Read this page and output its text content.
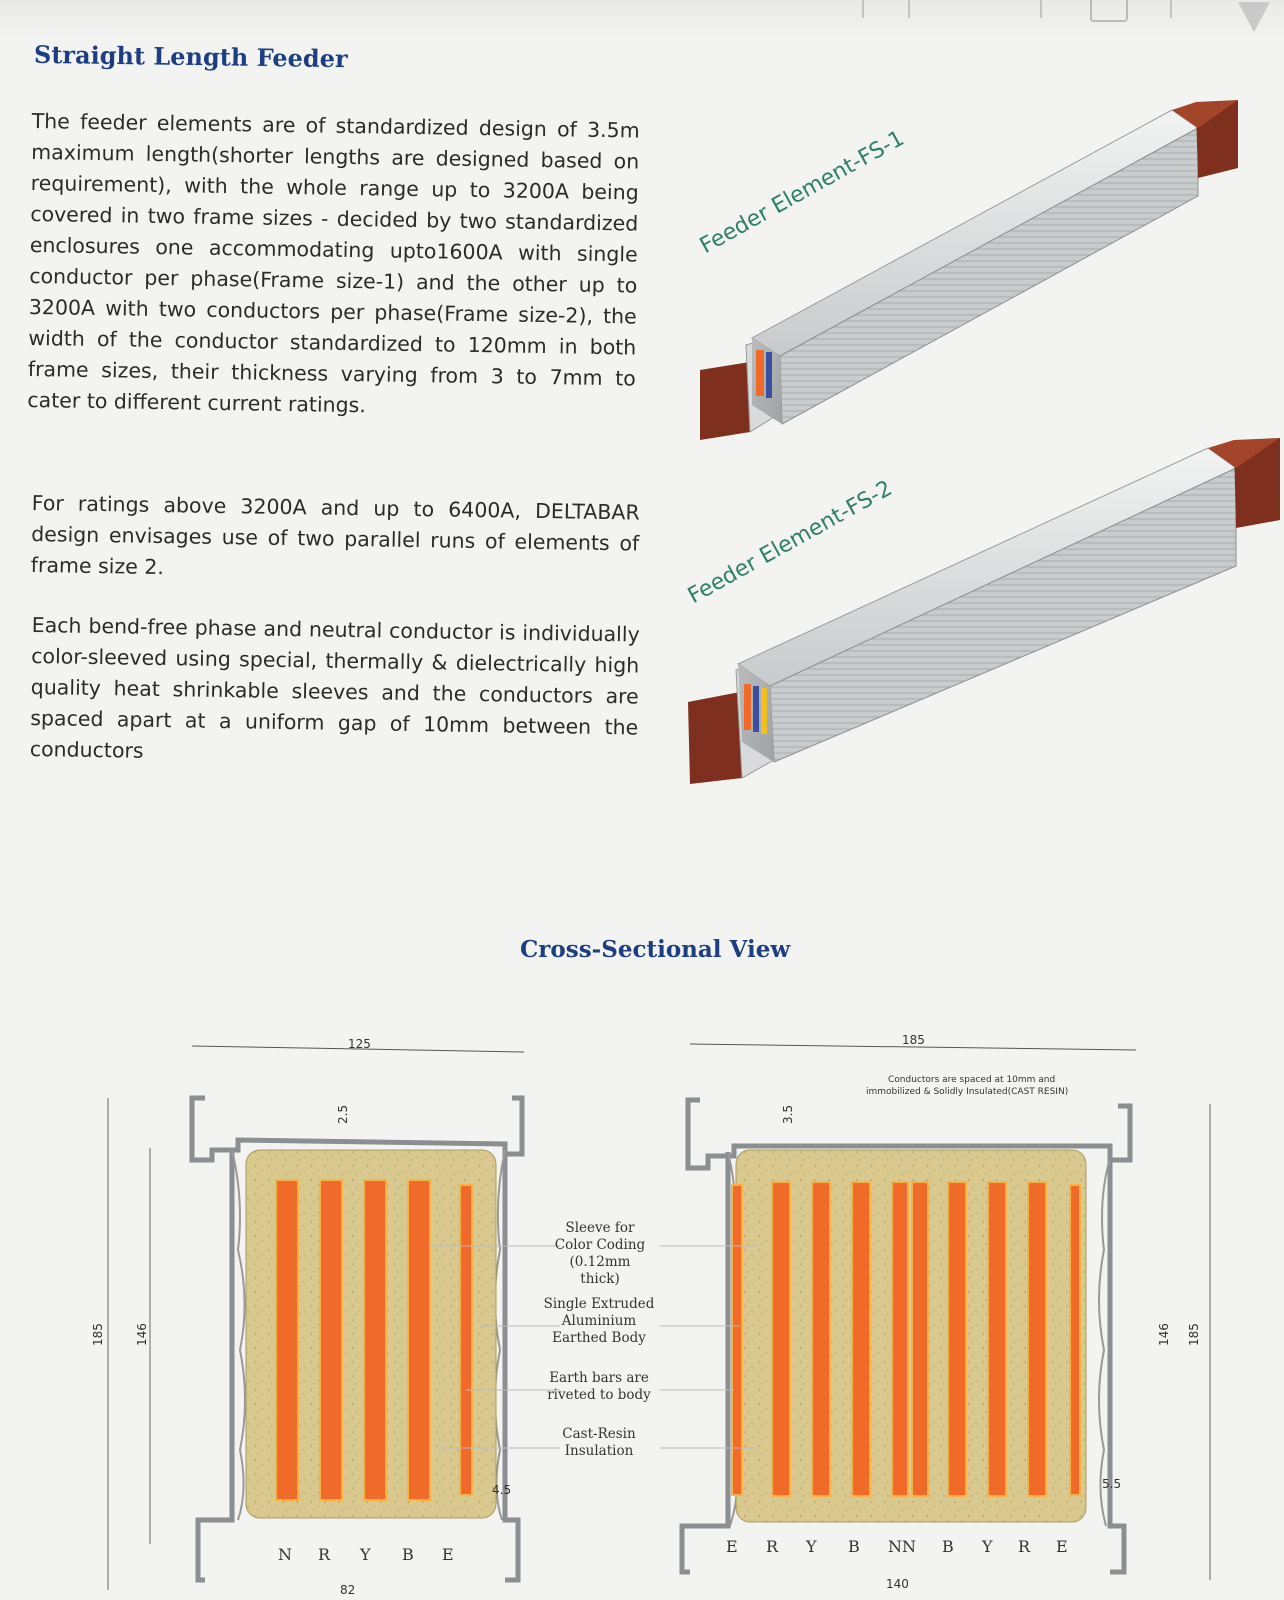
Straight Length Feeder

The feeder elements are of standardized design of 3.5m maximum length(shorter lengths are designed based on requirement), with the whole range up to 3200A being covered in two frame sizes - decided by two standardized enclosures one accommodating upto1600A with single conductor per phase(Frame size-1) and the other up to 3200A with two conductors per phase(Frame size-2), the width of the conductor standardized to 120mm in both frame sizes, their thickness varying from 3 to 7mm to cater to different current ratings.

For ratings above 3200A and up to 6400A, DELTABAR design envisages use of two parallel runs of elements of frame size 2.

Each bend-free phase and neutral conductor is individually color-sleeved using special, thermally & dielectrically high quality heat shrinkable sleeves and the conductors are spaced apart at a uniform gap of 10mm between the conductors

125
2.5
185	146
4.5
82
N R Y B E
185
Conductors are spaced at 10mm and
immobilized & Solidly Insulated(CAST RESIN)
3.5
146 185
5.5
140
E R Y B NN B Y R E
Feeder Element-FS-1
Feeder Element-FS-2
Cross-Sectional View
Sleeve for
Color Coding
(0.12mm thick)
Single Extruded
Aluminium
Earthed Body
Earth bars are
riveted to body
Cast-Resin
Insulation
